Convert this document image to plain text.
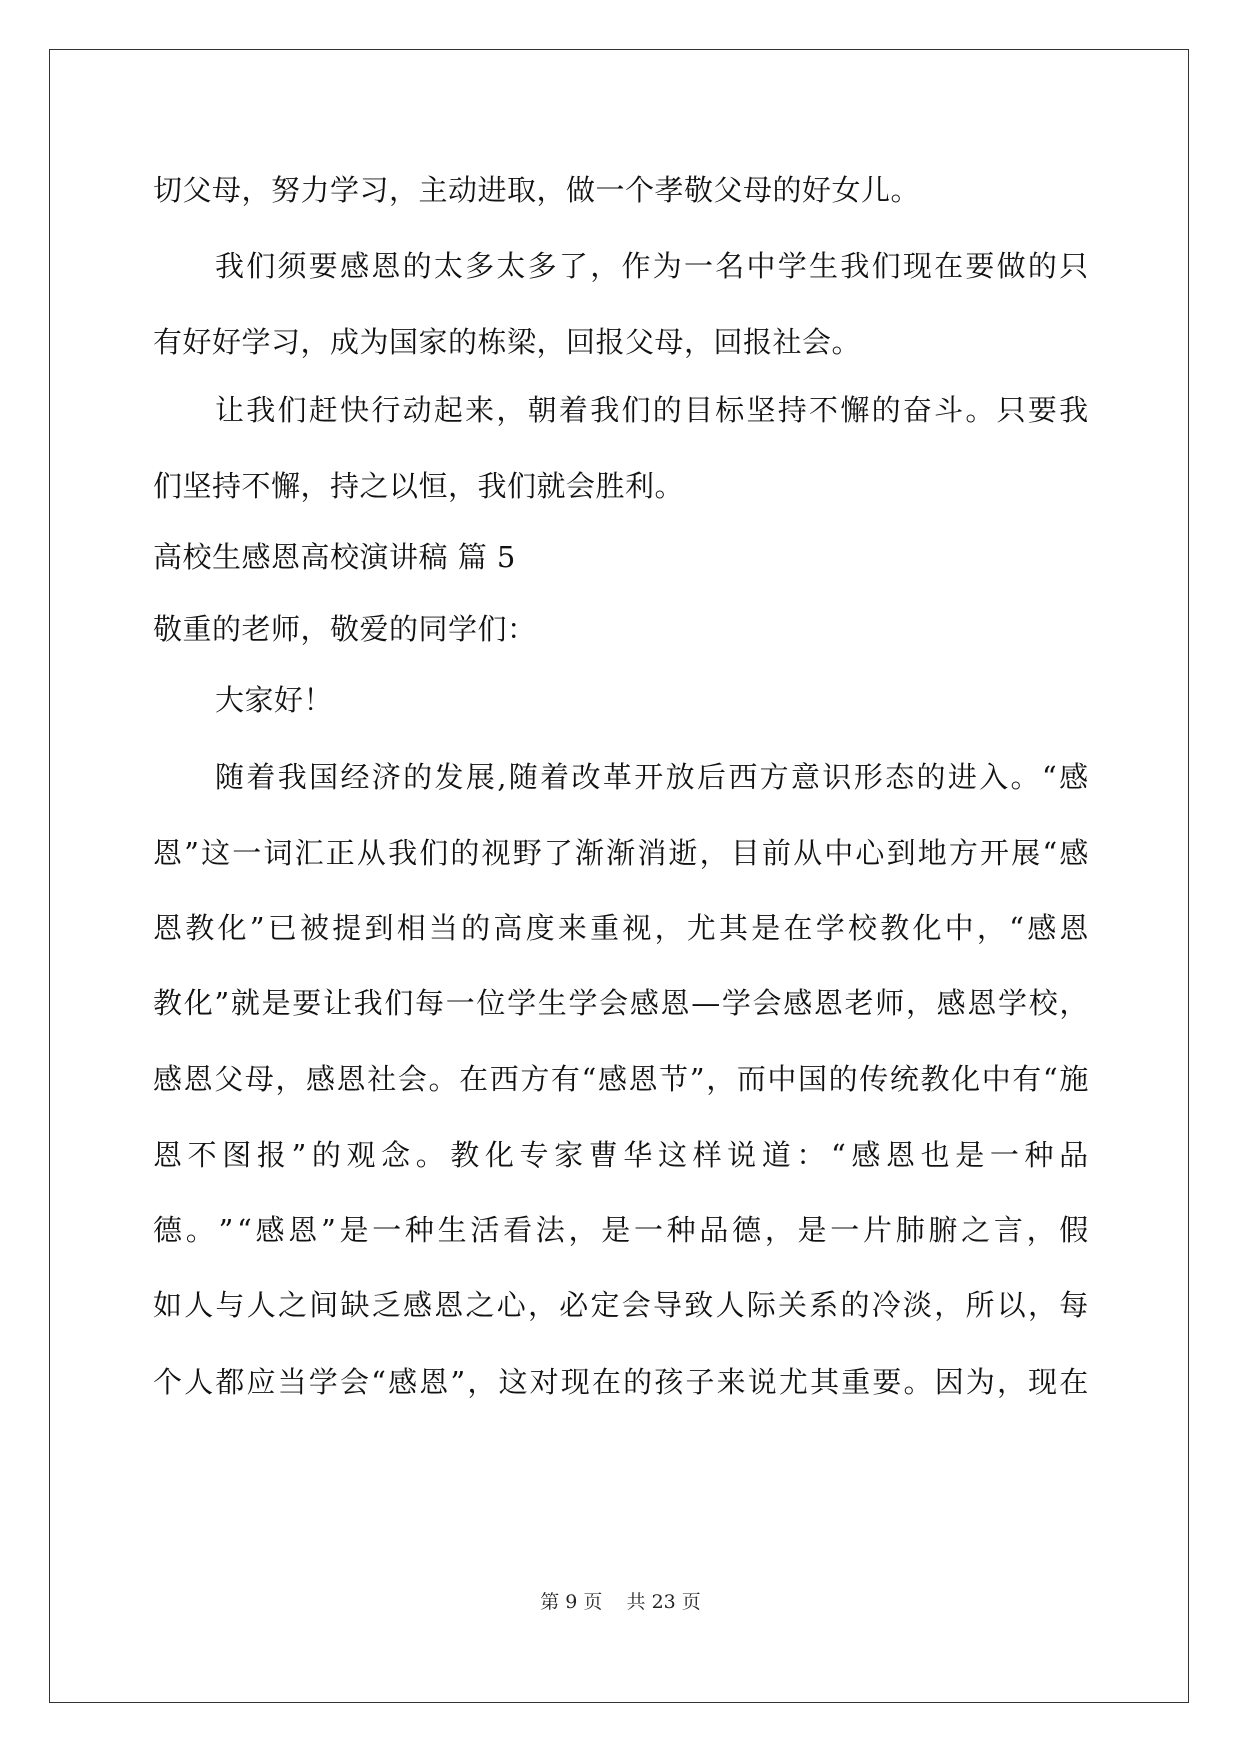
切父母，努力学习，主动进取，做一个孝敬父母的好女儿。
我 们 须 要 感 恩 的 太 多 太 多 了 ， 作 为 一 名 中 学 生 我 们 现 在 要 做 的 只
有好好学习，成为国家的栋梁，回报父母，回报社会。
让 我 们 赶 快 行 动 起 来 ， 朝 着 我 们 的 目 标 坚 持 不 懈 的 奋 斗 。 只 要 我
们坚持不懈，持之以恒，我们就会胜利。
高校生感恩高校演讲稿 篇 5
敬重的老师，敬爱的同学们：
大家好！
随 着 我 国 经 济 的 发 展 , 随 着 改 革 开 放 后 西 方 意 识 形 态 的 进 入 。 “ 感
恩 ” 这 一 词 汇 正 从 我 们 的 视 野 了 渐 渐 消 逝 ， 目 前 从 中 心 到 地 方 开 展 “ 感
恩 教 化 ” 已 被 提 到 相 当 的 高 度 来 重 视 ， 尤 其 是 在 学 校 教 化 中 ， “ 感 恩
教 化 ” 就 是 要 让 我 们 每 一 位 学 生 学 会 感 恩 — 学 会 感 恩 老 师 ， 感 恩 学 校 ，
感 恩 父 母 ， 感 恩 社 会 。 在 西 方 有 “ 感 恩 节 ” ， 而 中 国 的 传 统 教 化 中 有 “ 施
恩 不 图 报 ” 的 观 念 。 教 化 专 家 曹 华 这 样 说 道 ： “ 感 恩 也 是 一 种 品
德 。 ” “ 感 恩 ” 是 一 种 生 活 看 法 ， 是 一 种 品 德 ， 是 一 片 肺 腑 之 言 ， 假
如 人 与 人 之 间 缺 乏 感 恩 之 心 ， 必 定 会 导 致 人 际 关 系 的 冷 淡 ， 所 以 ， 每
个 人 都 应 当 学 会 “ 感 恩 ” ， 这 对 现 在 的 孩 子 来 说 尤 其 重 要 。 因 为 ， 现 在
第 9 页    共 23 页
